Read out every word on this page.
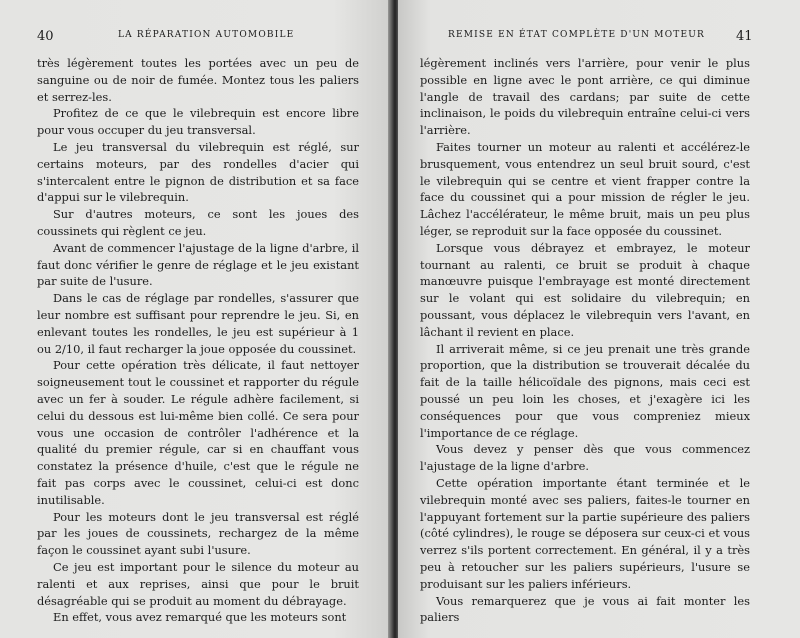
40	LA RÉPARATION AUTOMOBILE

très légèrement toutes les portées avec un peu de sanguine ou de noir de fumée. Montez tous les paliers et serrez-les.

Profitez de ce que le vilebrequin est encore libre pour vous occuper du jeu transversal.

Le jeu transversal du vilebrequin est réglé, sur certains moteurs, par des rondelles d'acier qui s'intercalent entre le pignon de distribution et sa face d'appui sur le vilebrequin.

Sur d'autres moteurs, ce sont les joues des coussinets qui règlent ce jeu.

Avant de commencer l'ajustage de la ligne d'arbre, il faut donc vérifier le genre de réglage et le jeu existant par suite de l'usure.

Dans le cas de réglage par rondelles, s'assurer que leur nombre est suffisant pour reprendre le jeu. Si, en enlevant toutes les rondelles, le jeu est supérieur à 1 ou 2/10, il faut recharger la joue opposée du coussinet.

Pour cette opération très délicate, il faut nettoyer soigneusement tout le coussinet et rapporter du régule avec un fer à souder. Le régule adhère facilement, si celui du dessous est lui-même bien collé. Ce sera pour vous une occasion de contrôler l'adhérence et la qualité du premier régule, car si en chauffant vous constatez la présence d'huile, c'est que le régule ne fait pas corps avec le coussinet, celui-ci est donc inutilisable.

Pour les moteurs dont le jeu transversal est réglé par les joues de coussinets, rechargez de la même façon le coussinet ayant subi l'usure.

Ce jeu est important pour le silence du moteur au ralenti et aux reprises, ainsi que pour le bruit désagréable qui se produit au moment du débrayage.

En effet, vous avez remarqué que les moteurs sont

REMISE EN ÉTAT COMPLÈTE D'UN MOTEUR 41

légèrement inclinés vers l'arrière, pour venir le plus possible en ligne avec le pont arrière, ce qui diminue l'angle de travail des cardans; par suite de cette inclinaison, le poids du vilebrequin entraîne celui-ci vers l'arrière.

Faites tourner un moteur au ralenti et accélérez-le brusquement, vous entendrez un seul bruit sourd, c'est le vilebrequin qui se centre et vient frapper contre la face du coussinet qui a pour mission de régler le jeu. Lâchez l'accélérateur, le même bruit, mais un peu plus léger, se reproduit sur la face opposée du coussinet.

Lorsque vous débrayez et embrayez, le moteur tournant au ralenti, ce bruit se produit à chaque manœuvre puisque l'embrayage est monté directement sur le volant qui est solidaire du vilebrequin; en poussant, vous déplacez le vilebrequin vers l'avant, en lâchant il revient en place.

Il arriverait même, si ce jeu prenait une très grande proportion, que la distribution se trouverait décalée du fait de la taille hélicoïdale des pignons, mais ceci est poussé un peu loin les choses, et j'exagère ici les conséquences pour que vous compreniez mieux l'importance de ce réglage.

Vous devez y penser dès que vous commencez l'ajustage de la ligne d'arbre.

Cette opération importante étant terminée et le vilebrequin monté avec ses paliers, faites-le tourner en l'appuyant fortement sur la partie supérieure des paliers (côté cylindres), le rouge se déposera sur ceux-ci et vous verrez s'ils portent correctement. En général, il y a très peu à retoucher sur les paliers supérieurs, l'usure se produisant sur les paliers inférieurs.

Vous remarquerez que je vous ai fait monter les paliers
